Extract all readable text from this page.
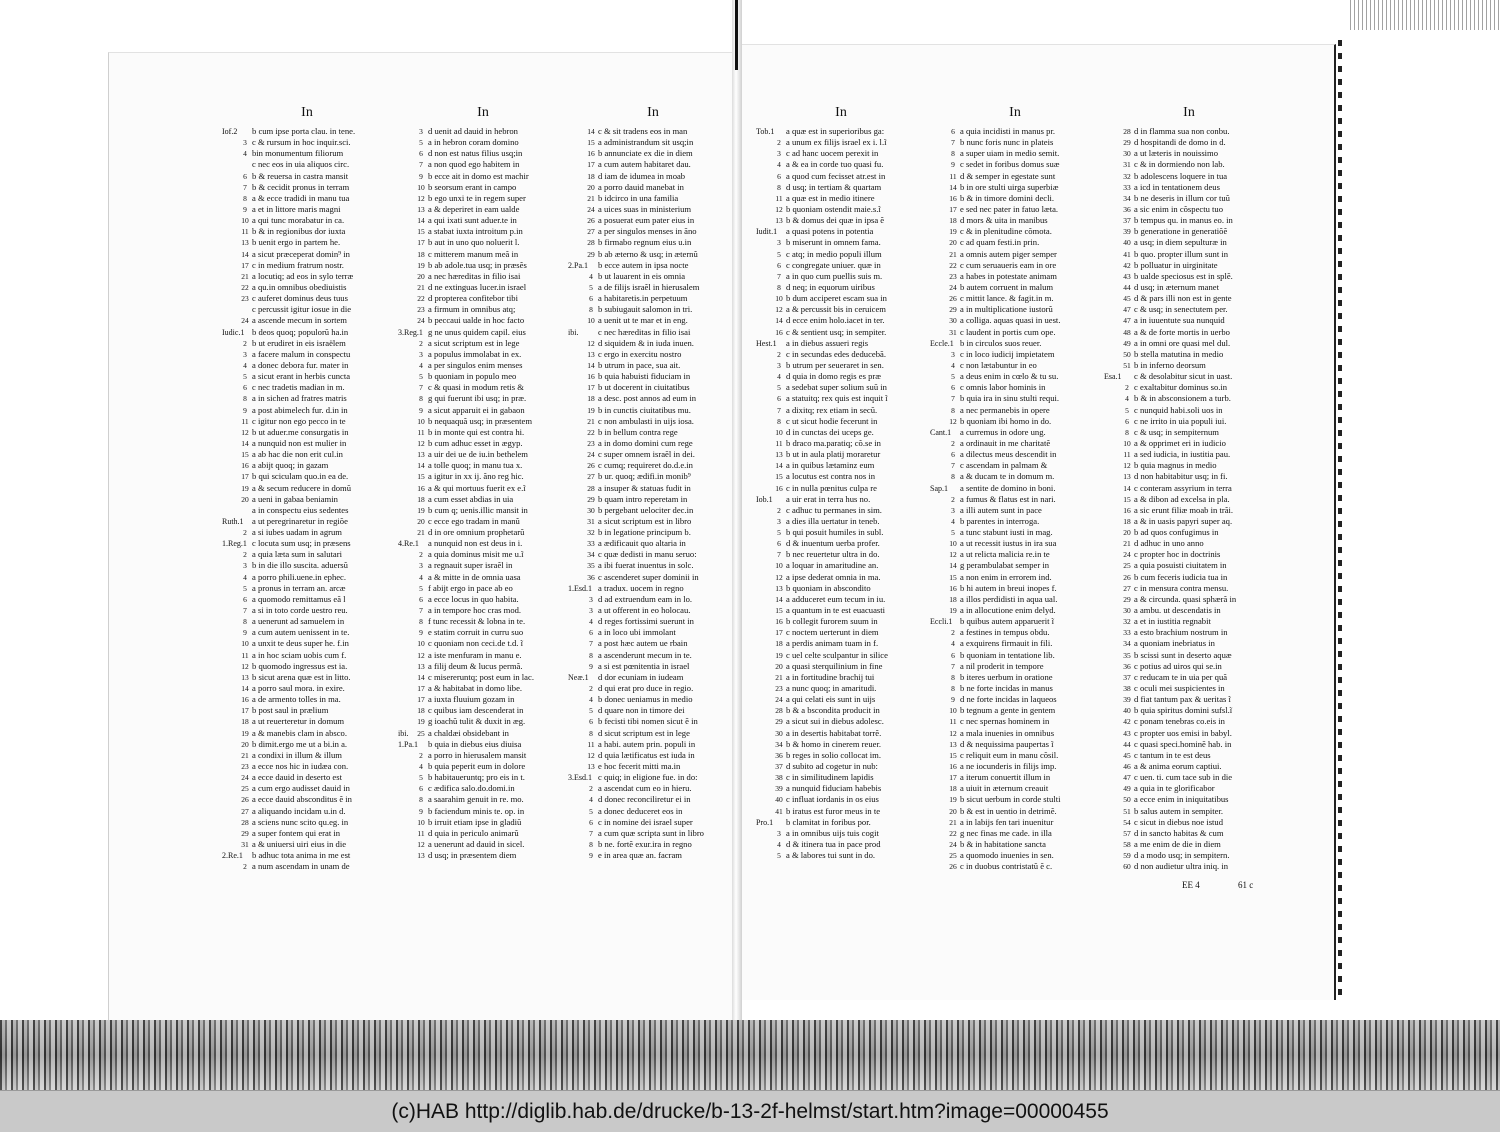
In
Iof.2	b cum ipse porta clau. in tene.
3 c & rursum in hoc inquir.sci.
4 bin monumentum filiorum
c nec eos in uia aliquos circ.
6 b & reuersa in castra mansit
7 b & cecidit pronus in terram
8 a & ecce tradidi in manu tua
9 a et in littore maris magni
10 a qui tunc morabatur in ca.
11 b & in regionibus dor iuxta
13 b uenit ergo in partem he.
14 a sicut præceperat domin⁹ in
17 c in medium fratrum nostr.
21 a locutiq; ad eos in sylo terræ
22 a qu.in omnibus obediuistis
23 c auferet dominus deus tuus
c percussit igitur iosue in die
24 a ascende mecum in sortem
Iudic.1 b deos quoq; populorũ ha.in
2 b ut erudiret in eis israëlem
3 a facere malum in conspectu
4 a donec debora fur. mater in
5 a sicut erant in herbis cuncta
6 c nec tradetis madian in m.
8 a in sichen ad fratres matris
9 a post abimelech fur. d.in in
11 c igitur non ego pecco in te
12 b ut aduer.me consurgatis in
14 a nunquid non est mulier in
15 a ab hac die non erit cul.in
16 a abijt quoq; in gazam
17 b qui sciculam quo.in ea de.
19 a & secum reducere in domũ
20 a ueni in gabaa beniamin
a in conspectu eius sedentes
Ruth.1 a ut peregrinaretur in regiõe
2 a si iubes uadam in agrum
1.Reg.1 c locuta sum usq; in præsens
2 a quia læta sum in salutari
3 b in die illo suscita. aduersũ
4 a porro phili.uene.in ephec.
5 a pronus in terram an. arcæ
6 a quomodo remittamus eã l
7 a si in toto corde uestro reu.
8 a uenerunt ad samuelem in
9 a cum autem uenissent in te.
10 a unxit te deus super he. f.in
11 a in hoc sciam uobis cum f.
12 b quomodo ingressus est ia.
13 b sicut arena quæ est in litto.
14 a porro saul mora. in exire.
16 a de armento tolles in ma.
17 b post saul in prælium
18 a ut reuerteretur in domum
19 a & manebis clam in absco.
20 b dimit.ergo me ut a bi.in a.
21 a condixi in illum & illum
23 a ecce nos hic in iudæa con.
24 a ecce dauid in deserto est
25 a cum ergo audisset dauid in
26 a ecce dauid absconditus ẽ in
27 a aliquando incidam u.in d.
28 a sciens nunc scito qu.eg. in
29 a super fontem qui erat in
31 a & uniuersi uiri eius in die
2.Re.1 b adhuc tota anima in me est
2 a num ascendam in unam de
In
3 d uenit ad dauid in hebron
5 a in hebron coram domino
6 d non est natus filius usq;in
7 a non quod ego habitem in
9 b ecce ait in domo est machir
10 b seorsum erant in campo
12 b ego unxi te in regem super
13 a & deperiret in eam ualde
14 a qui ixati sunt aduer.te in
15 a stabat iuxta introitum p.in
17 b aut in uno quo noluerit l.
18 c mitterem manum meã in
19 b ab adole.tua usq; in præsẽs
20 a nec hæreditas in filio isai
21 d ne extinguas lucer.in israel
22 d propterea confitebor tibi
23 a firmum in omnibus atq;
24 b peccaui ualde in hoc facto
3.Reg.1 g ne unus quidem capil. eius
2 a sicut scriptum est in lege
3 a populus immolabat in ex.
4 a per singulos enim menses
5 b quoniam in populo meo
7 c & quasi in modum retis &
8 g qui fuerunt ibi usq; in præ.
9 a sicut apparuit ei in gabaon
10 b nequaquã usq; in præsentem
11 b in monte qui est contra hi.
12 b cum adhuc esset in ægyp.
13 a uir dei ue de iu.in bethelem
14 a tolle quoq; in manu tua x.
15 a igitur in xx ij. ãno reg hic.
16 a & qui mortuus fuerit ex e.ĩ
18 a cum esset abdias in uia
19 b cum q; uenis.illic mansit in
20 c ecce ego tradam in manũ
21 d in ore omnium prophetarũ
4.Re.1 a nunquid non est deus in i.
2 a quia dominus misit me u.ĩ
3 a regnauit super israẽl in
4 a & mitte in de omnia uasa
5 f abijt ergo in pace ab eo
6 a ecce locus in quo habita.
7 a in tempore hoc cras mod.
8 f tunc recessit & lobna in te.
9 e statim corruit in curru suo
10 c quoniam non ceci.de t.d. ĩ
12 a iste menfuram in manu e.
13 a filij deum & lucus permã.
14 c misereruntq; post eum in lac.
17 a & habitabat in domo libe.
17 a iuxta fluuium gozam in
18 c quibus iam descenderat in
19 g ioachũ tulit & duxit in æg.
ibi.	25 a chaldæi obsidebant in
1.Pa.1 b quia in diebus eius diuisa
2 a porro in hierusalem mansit
4 b quia peperit eum in dolore
5 b habitaueruntq; pro eis in t.
6 c ædifica salo.do.domi.in
8 a saarahim genuit in re. mo.
9 b faciendum minis te. op. in
10 b irruit etiam ipse in gladiũ
11 d quia in periculo animarũ
12 a uenerunt ad dauid in sicel.
13 d usq; in præsentem diem
In
14 c & sit tradens eos in man
15 a administrandum sit usq;in
16 b annunciate ex die in diem
17 a cum autem habitaret dau.
18 d iam de idumea in moab
20 a porro dauid manebat in
21 b idcirco in una familia
24 a uices suas in ministerium
26 a posuerat eum pater eius in
27 a per singulos menses in ãno
28 b firmabo regnum eius u.in
29 b ab æterno & usq; in æternũ
2.Pa.1 b ecce autem in ipsa nocte
4 b ut lauarent in eis omnia
5 a de filijs israẽl in hierusalem
6 a habitaretis.in perpetuum
8 b subiugauit salomon in tri.
10 a uenit ut te mar et in eng.
ibi.	c nec hæreditas in filio isai
12 d siquidem & in iuda inuen.
13 c ergo in exercitu nostro
14 b utrum in pace, sua ait.
16 b quia habuisti fiduciam in
17 b ut docerent in ciuitatibus
18 a desc. post annos ad eum in
19 b in cunctis ciuitatibus mu.
21 c non ambulasti in uijs iosa.
22 b in bellum contra rege
23 a in domo domini cum rege
24 c super omnem israẽl in dei.
26 c cumq; requireret do.d.e.in
27 b ur. quoq; ædifi.in monib⁹
28 a insuper & statuas fudit in
29 b quam intro reperetam in
30 b pergebant uelociter dec.in
31 a sicut scriptum est in libro
32 b in legatione principum b.
33 a ædificauit quo altaria in
34 c quæ dedisti in manu seruo:
35 a ibi fuerat inuentus in solc.
36 c ascenderet super dominii in
1.Esd.1 a tradux. uocem in regno
3 d ad extruendum eam in lo.
3 a ut offerent in eo holocau.
4 d reges fortissimi suerunt in
6 a in loco ubi immolant
7 a post hæc autem ue rbain
8 a ascenderunt mecum in te.
9 a si est pœnitentia in israel
Neæ.1 d dor ecuniam in iudeam
2 d qui erat pro duce in regio.
4 b donec ueniamus in medio
5 d quare non in timore dei
6 b fecisti tibi nomen sicut ẽ in
8 d sicut scriptum est in lege
11 a habi. autem prin. populi in
12 d quia lætificatus est iuda in
13 e hoc fecerit mitti ma.in
3.Esd.1 c quiq; in eligione fue. in do:
2 a ascendat cum eo in hieru.
4 d donec reconciliretur ei in
5 a donec deduceret eos in
6 c in nomine dei israel super
7 a cum quæ scripta sunt in libro
8 b ne. fortẽ exur.ira in regno
9 e in area quæ an. facram
In
Tob.1 a quæ est in superioribus ga:
2 a unum ex filijs israel ex i. l.ĩ
3 c ad hanc uocem perexit in
4 a & ea in corde tuo quasi fu.
6 a quod cum fecisset atr.est in
8 d usq; in tertiam & quartam
11 a quæ est in medio itinere
12 b quoniam ostendit maie.s.ĩ
13 b & domus dei quæ in ipsa ẽ
Iudit.1 a quasi potens in potentia
3 b miserunt in omnem fama.
5 c atq; in medio populi illum
6 c congregate uniuer. quæ in
7 a in quo cum puellis suis m.
8 d neq; in equorum uiribus
10 b dum acciperet escam sua in
12 a & percussit bis in ceruicem
14 d ecce enim holo.iacet in ter.
16 c & sentient usq; in sempiter.
Hest.1 a in diebus assueri regis
2 c in secundas edes deducebã.
3 b utrum per seueraret in sen.
4 d quia in domo regis es præ
5 a sedebat super solium suũ in
6 a statuitq; rex quis est inquit ĩ
7 a dixitq; rex etiam in secũ.
8 c ut sicut hodie fecerunt in
10 d in cunctas dei uceps ge.
11 b draco ma.paratiq; cõ.se in
13 b ut in aula platij moraretur
14 a in quibus lætaminz eum
15 a locutus est contra nos in
16 c in nulla pœnitus culpa re
Iob.1	a uir erat in terra hus no.
2 c adhuc tu permanes in sim.
3 a dies illa uertatur in teneb.
5 b qui posuit humiles in subl.
6 d & inuentum uerba profer.
7 b nec reuertetur ultra in do.
10 a loquar in amaritudine an.
12 a ipse dederat omnia in ma.
13 b quoniam in abscondito
14 a adduceret eum tecum in iu.
15 a quantum in te est euacuasti
16 b collegit furorem suum in
17 c noctem uerterunt in diem
18 a perdis animam tuam in f.
19 c uel celte sculpantur in silice
20 a quasi sterquilinium in fine
21 a in fortitudine brachij tui
23 a nunc quoq; in amaritudi.
24 a qui celati eis sunt in uijs
28 b & a bscondita producit in
29 a sicut sui in diebus adolesc.
30 a in desertis habitabat torrẽ.
34 b & homo in cinerem reuer.
36 b reges in solio collocat im.
37 d subito ad cogetur in nub:
38 c in similitudinem lapidis
39 a nunquid fiduciam habebis
40 c influat iordanis in os eius
41 b iratus est furor meus in te
Pro.1	b clamitat in foribus por.
3 a in omnibus uijs tuis cogit
4 d & itinera tua in pace prod
5 a & labores tui sunt in do.
In
6 a quia incidisti in manus pr.
7 b nunc foris nunc in plateis
8 a super uiam in medio semit.
9 c sedet in foribus domus suæ
11 d & semper in egestate sunt
14 b in ore stulti uirga superbiæ
16 b & in timore domini decli.
17 e sed nec pater in fatuo læta.
18 d mors & uita in manibus
19 c & in plenitudine cõmota.
20 c ad quam festi.in prin.
21 a omnis autem piger semper
22 c cum seruaueris eam in ore
23 a habes in potestate animam
24 b autem corruent in malum
26 c mittit lance. & fagit.in m.
29 a in multiplicatione iustorũ
30 a colliga. aquas quasi in uest.
31 c laudent in portis cum ope.
Eccle.1 b in circulos suos reuer.
3 c in loco iudicij impietatem
4 c non lætabuntur in eo
5 a deus enim in cœlo & tu su.
6 c omnis labor hominis in
7 b quia ira in sinu stulti requi.
8 a nec permanebis in opere
12 b quoniam ibi homo in do.
Cant.1 a curremus in odore ung.
2 a ordinauit in me charitatẽ
6 a dilectus meus descendit in
7 c ascendam in palmam &
8 a & ducam te in domum m.
Sap.1 a sentite de domino in boni.
2 a fumus & flatus est in nari.
3 a illi autem sunt in pace
4 b parentes in interroga.
5 a tunc stabunt iusti in mag.
10 a ut recessit iustus in ira sua
12 a ut relicta malicia re.in te
14 g perambulabat semper in
15 a non enim in errorem ind.
16 b hi autem in breui inopes f.
18 a illos perdidisti in aqua ual.
19 a in allocutione enim delyd.
Eccli.1 b quibus autem apparuerit ĩ
2 a festines in tempus obdu.
4 a exquirens firmauit in fili.
6 b quoniam in tentatione lib.
7 a nil proderit in tempore
8 b iteres uerbum in oratione
8 b ne forte incidas in manus
9 d ne forte incidas in laqueos
10 b tegnum a gente in gentem
11 c nec spernas hominem in
12 a mala inuenies in omnibus
13 d & nequissima paupertas ĩ
15 c reliquit eum in manu cõsil.
16 a ne iocunderis in filijs imp.
17 a iterum conuertit illum in
18 a uiuit in æternum creauit
19 b sicut uerbum in corde stulti
20 b & est in uentio in detrimẽ.
21 a in labijs fen tari inuenitur
22 g nec finas me cade. in illa
24 b & in habitatione sancta
25 a quomodo inuenies in sen.
26 c in duobus contristatũ ẽ c.
In
28 d in flamma sua non conbu.
29 d hospitandi de domo in d.
30 a ut læteris in nouissimo
31 c & in dormiendo non lab.
32 b adolescens loquere in tua
33 a icd in tentationem deus
34 b ne deseris in illum cor tuũ
36 a sic enim in cõspectu tuo
37 b tempus qu. in manus eo. in
39 b generatione in generatiõẽ
40 a usq; in diem sepulturæ in
41 b quo. propter illum sunt in
42 b polluatur in uirginitate
43 b ualde speciosus est in splẽ.
44 d usq; in æternum manet
45 d & pars illi non est in gente
47 c & usq; in senectutem per.
47 a in iuuentute sua nunquid
48 a & de forte mortis in uerbo
49 a in omni ore quasi mel dul.
50 b stella matutina in medio
51 b in inferno deorsum
Esa.1 c & desolabitur sicut in uast.
2 c exaltabitur dominus so.in
4 b & in absconsionem a turb.
5 c nunquid habi.soli uos in
6 c ne irrito in uia populi iui.
8 c & usq; in sempiternum
10 a & opprimet eri in iudicio
11 a sed iudicia, in iustitia pau.
12 b quia magnus in medio
13 d non habitabitur usq; in fi.
14 c conteram assyrium in terra
15 a & dibon ad excelsa in pla.
16 a sic erunt filiæ moab in trãi.
18 a & in uasis papyri super aq.
20 b ad quos confugimus in
21 d adhuc in uno anno
24 c propter hoc in doctrinis
25 a quia posuisti ciuitatem in
26 b cum feceris iudicia tua in
27 c in mensura contra mensu.
29 a & circunda. quasi sphærã in
30 a ambu. ut descendatis in
32 a et in iustitia regnabit
33 a esto brachium nostrum in
34 a quoniam inebriatus in
35 b scissi sunt in deserto aquæ
36 c potius ad uiros qui se.in
37 c reducam te in uia per quã
38 c oculi mei suspicientes in
39 d fiat tantum pax & ueritas ĩ
40 b quia spiritus domini sufsl.ĩ
42 c ponam tenebras co.eis in
43 c propter uos emisi in babyl.
44 c quasi speci.hominẽ hab. in
45 c tantum in te est deus
46 a & anima eorum captiui.
47 c uen. ti. cum tace sub in die
49 a quia in te glorificabor
50 a ecce enim in iniquitatibus
51 b salus autem in sempiter.
54 c sicut in diebus noe istud
57 d in sancto habitas & cum
58 a me enim de die in diem
59 d a modo usq; in sempitern.
60 d non audietur ultra iniq. in
EE 4	61 c
(c)HAB http://diglib.hab.de/drucke/b-13-2f-helmst/start.htm?image=00000455
